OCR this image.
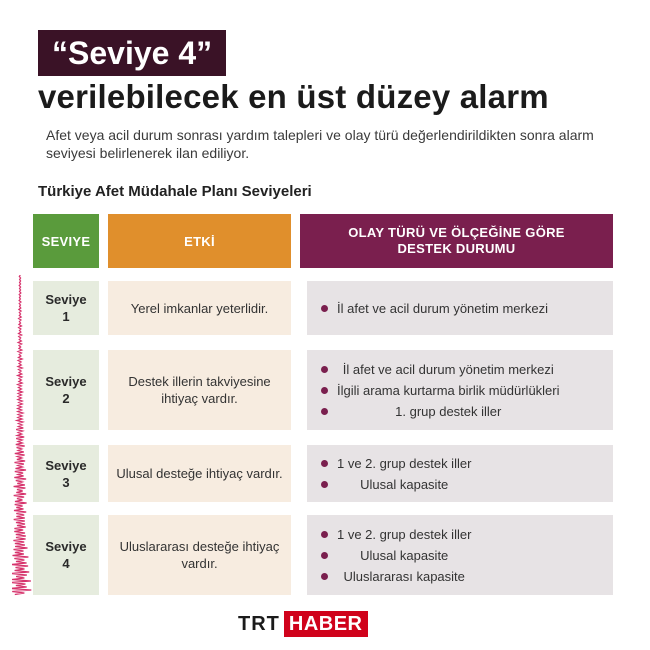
“Seviye 4”
verilebilecek en üst düzey alarm
Afet veya acil durum sonrası yardım talepleri ve olay türü değerlendirildikten sonra alarm seviyesi belirlenerek ilan ediliyor.
Türkiye Afet Müdahale Planı Seviyeleri
SEVIYE	ETKİ
OLAY TÜRÜ VE ÖLÇEĞİNE GÖRE DESTEK DURUMU
Seviye
1
Yerel imkanlar yeterlidir.	İl afet ve acil durum yönetim merkezi
Seviye
2
Destek illerin takviyesine ihtiyaç vardır.
İl afet ve acil durum yönetim merkezi
İlgili arama kurtarma birlik müdürlükleri
1. grup destek iller
Seviye
3
Ulusal desteğe ihtiyaç vardır.
1 ve 2. grup destek iller
Ulusal kapasite
Seviye
4
Uluslararası desteğe ihtiyaç vardır.
1 ve 2. grup destek iller
Ulusal kapasite
Uluslararası kapasite
TRT HABER
